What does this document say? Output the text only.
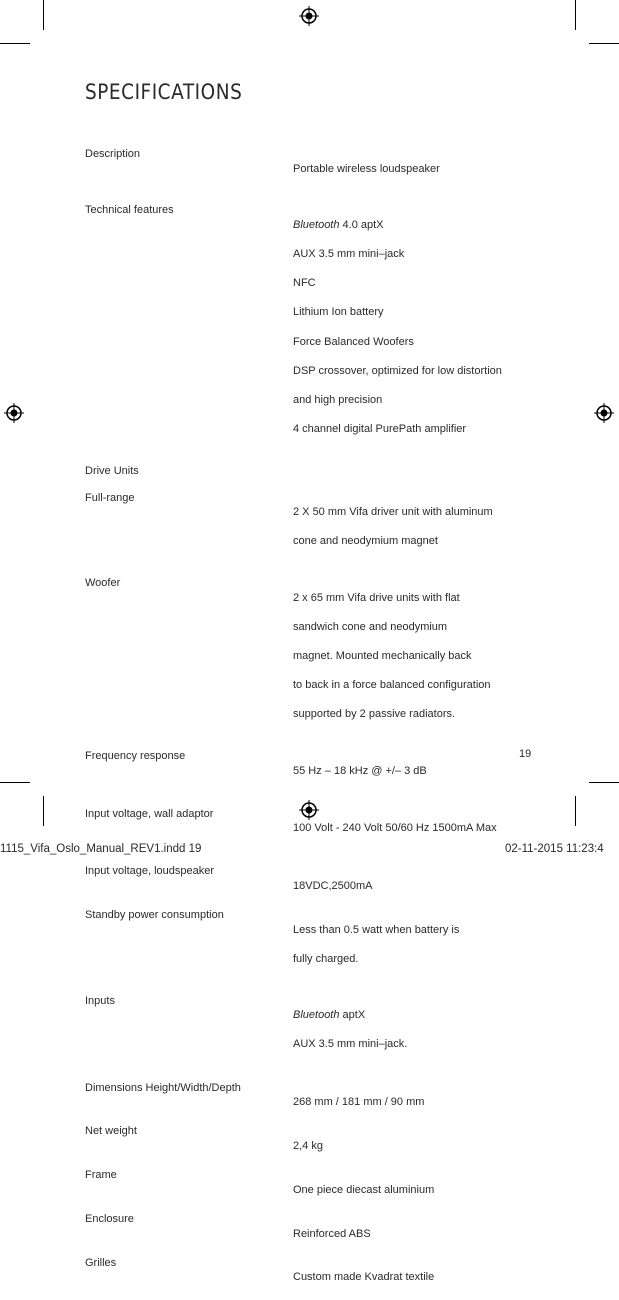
SPECIFICATIONS
Description

Portable wireless loudspeaker

Technical features

Bluetooth 4.0 aptX

AUX 3.5 mm mini–jack

NFC

Lithium Ion battery

Force Balanced Woofers

DSP crossover, optimized for low distortion

and high precision

4 channel digital PurePath amplifier

Drive Units
Full-range

2 X 50 mm Vifa driver unit with aluminum

cone and neodymium magnet

Woofer

2 x 65 mm Vifa drive units with flat

sandwich cone and neodymium

magnet. Mounted mechanically back

to back in a force balanced configuration

supported by 2 passive radiators.

Frequency response

55 Hz – 18 kHz @ +/– 3 dB

Input voltage, wall adaptor

100 Volt - 240 Volt 50/60 Hz 1500mA Max

Input voltage, loudspeaker

18VDC,2500mA

Standby power consumption

Less than 0.5 watt when battery is

fully charged.

Inputs

Bluetooth aptX

AUX 3.5 mm mini–jack.

Dimensions Height/Width/Depth

268 mm / 181 mm / 90 mm

Net weight

2,4 kg

Frame

One piece diecast aluminium

Enclosure

Reinforced ABS

Grilles

Custom made Kvadrat textile

19
1115_Vifa_Oslo_Manual_REV1.indd 19	02-11-2015 11:23:4
